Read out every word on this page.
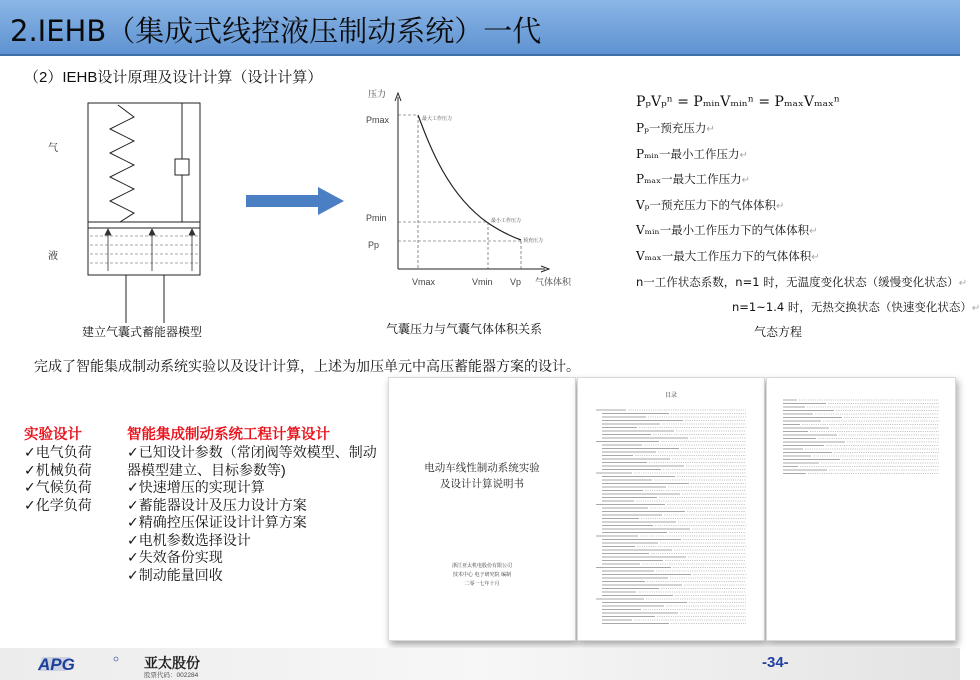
2.IEHB（集成式线控液压制动系统）一代
（2）IEHB设计原理及设计计算（设计计算）
气
液
建立气囊式蓄能器模型
压力
气体体积
Pmax
Pmin
Pp
Vmax	Vmin Vp
最大工作压力
最小工作压力
预充压力
气囊压力与气囊气体体积关系
PₚVₚⁿ = PₘᵢₙVₘᵢₙⁿ = PₘₐₓVₘₐₓⁿ
Pₚ一预充压力↵
Pₘᵢₙ一最小工作压力↵
Pₘₐₓ一最大工作压力↵
Vₚ一预充压力下的气体体积↵
Vₘᵢₙ一最小工作压力下的气体体积↵
Vₘₐₓ一最大工作压力下的气体体积↵
n一工作状态系数，n=1 时，无温度变化状态（缓慢变化状态）↵
n=1~1.4 时，无热交换状态（快速变化状态）↵
气态方程
完成了智能集成制动系统实验以及设计计算，上述为加压单元中高压蓄能器方案的设计。
实验设计
✓电气负荷
✓机械负荷
✓气候负荷
✓化学负荷
智能集成制动系统工程计算设计
✓已知设计参数（常闭阀等效模型、制动
器模型建立、目标参数等)
✓快速增压的实现计算
✓蓄能器设计及压力设计方案
✓精确控压保证设计计算方案
✓电机参数选择设计
✓失效备份实现
✓制动能量回收
电动车线性制动系统实验
及设计计算说明书
浙江亚太机电股份有限公司
技术中心 电子研究院 编制
二零一七年十月
目录
APG	亚太股份
股票代码：002284
-34-
